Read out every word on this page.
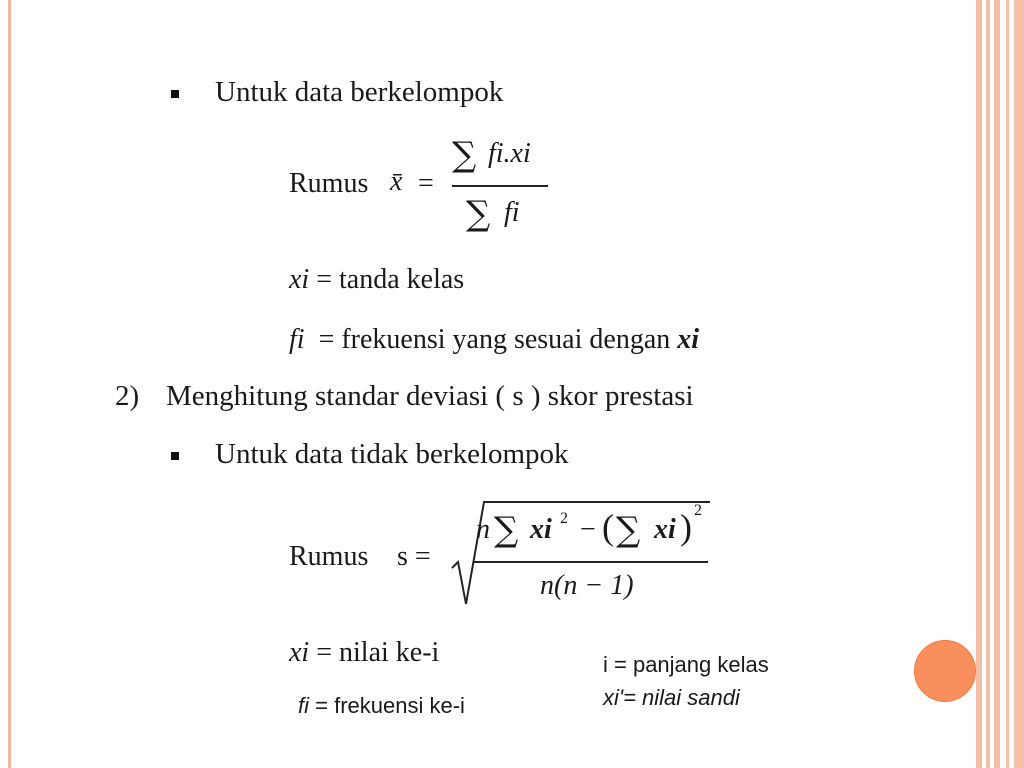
Untuk data berkelompok
Rumus x̄ =
∑ fi.xi
∑ fi
xi = tanda kelas
fi  = frekuensi yang sesuai dengan xi
2) Menghitung standar deviasi ( s ) skor prestasi
Untuk data tidak berkelompok
Rumus s =
n ∑ xi 2 − ( ∑ xi ) 2
n(n − 1)
xi = nilai ke-i
fi = frekuensi ke-i
i = panjang kelas
xi'= nilai sandi
